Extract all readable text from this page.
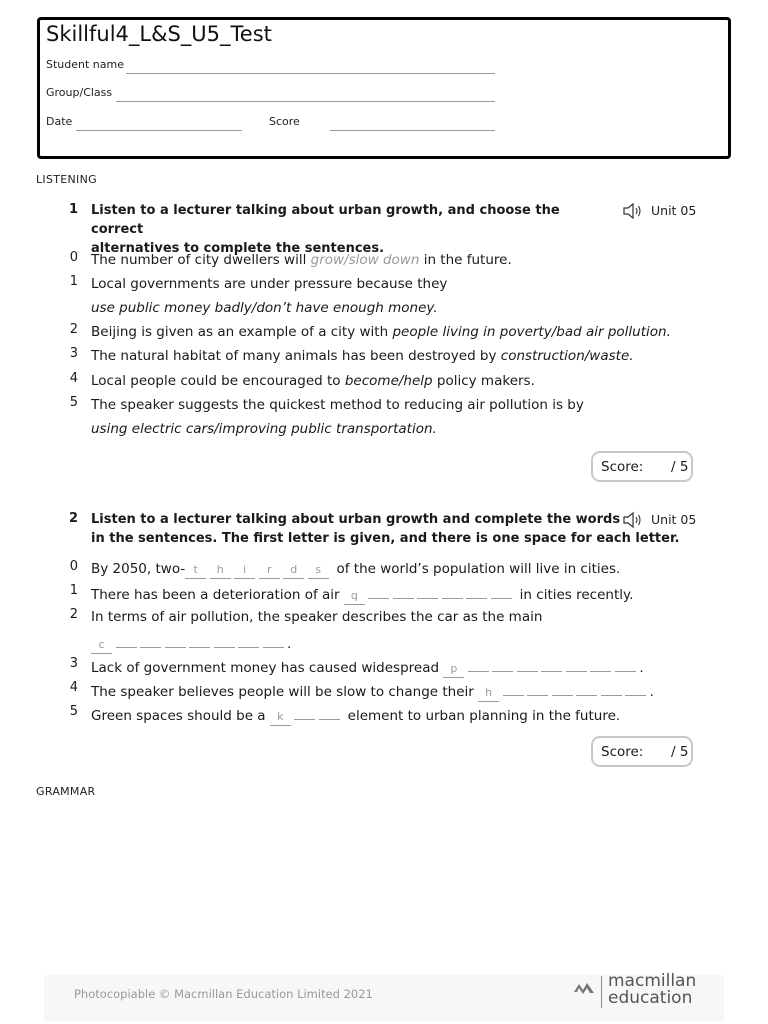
Skillful4_L&S_U5_Test
Student name
Group/Class
Date	Score
LISTENING
1 Listen to a lecturer talking about urban growth, and choose the correct
alternatives to complete the sentences.
Unit 05
0 The number of city dwellers will grow/slow down in the future.
1 Local governments are under pressure because they
use public money badly/don’t have enough money.
2 Beijing is given as an example of a city with people living in poverty/bad air pollution.
3 The natural habitat of many animals has been destroyed by construction/waste.
4 Local people could be encouraged to become/help policy makers.
5 The speaker suggests the quickest method to reducing air pollution is by
using electric cars/improving public transportation.
Score: / 5
2 Listen to a lecturer talking about urban growth and complete the words
in the sentences. The first letter is given, and there is one space for each letter.
Unit 05
0 By 2050, two- t h i r d s of the world’s population will live in cities.
1 There has been a deterioration of air q	in cities recently.
2 In terms of air pollution, the speaker describes the car as the main
c	.
3 Lack of government money has caused widespread p	.
4 The speaker believes people will be slow to change their h	.
5 Green spaces should be a k	element to urban planning in the future.
Score: / 5
GRAMMAR
Photocopiable © Macmillan Education Limited 2021
macmillan
education
